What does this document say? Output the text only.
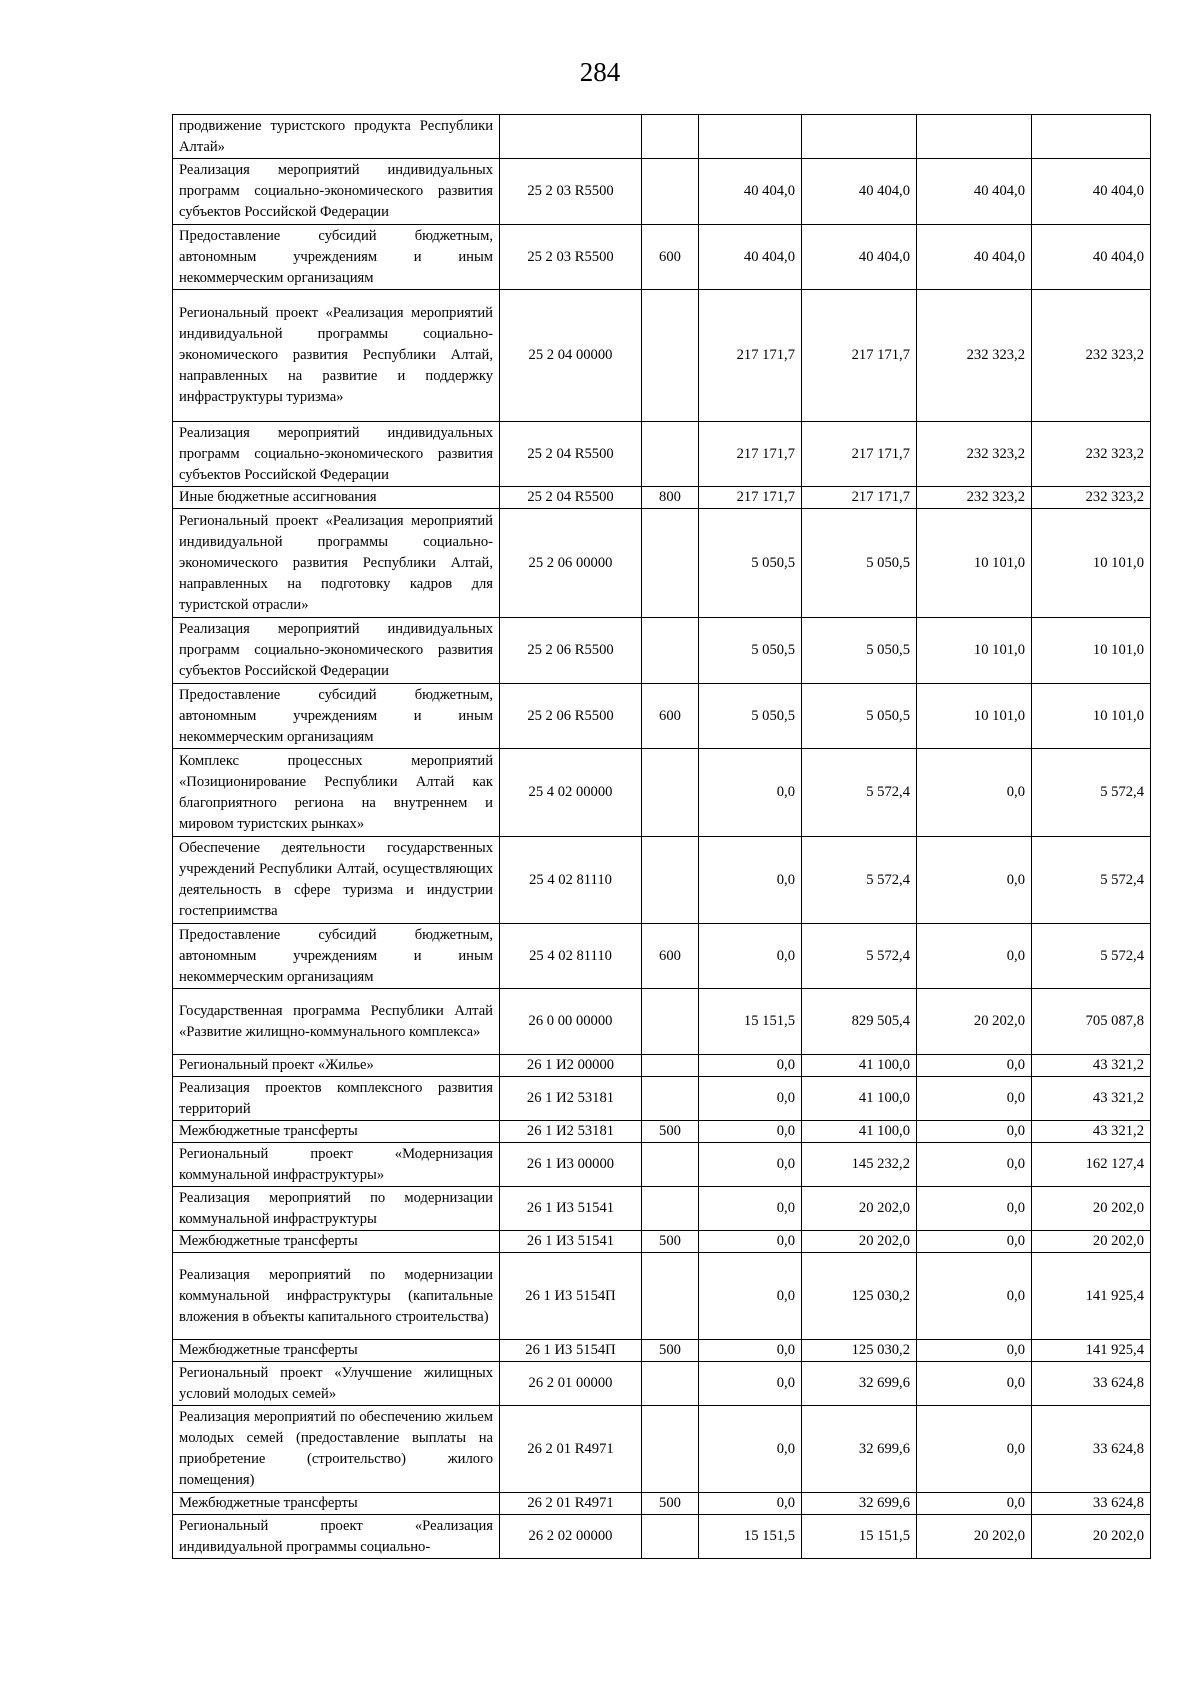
284
продвижение туристского продукта Республики Алтай»						
Реализация мероприятий индивидуальных программ социально-экономического развития субъектов Российской Федерации	25 2 03 R5500		40 404,0	40 404,0	40 404,0	40 404,0
Предоставление субсидий бюджетным, автономным учреждениям и иным некоммерческим организациям	25 2 03 R5500	600	40 404,0	40 404,0	40 404,0	40 404,0
Региональный проект «Реализация мероприятий индивидуальной программы социально-экономического развития Республики Алтай, направленных на развитие и поддержку инфраструктуры туризма»	25 2 04 00000		217 171,7	217 171,7	232 323,2	232 323,2
Реализация мероприятий индивидуальных программ социально-экономического развития субъектов Российской Федерации	25 2 04 R5500		217 171,7	217 171,7	232 323,2	232 323,2
Иные бюджетные ассигнования	25 2 04 R5500	800	217 171,7	217 171,7	232 323,2	232 323,2
Региональный проект «Реализация мероприятий индивидуальной программы социально-экономического развития Республики Алтай, направленных на подготовку кадров для туристской отрасли»	25 2 06 00000		5 050,5	5 050,5	10 101,0	10 101,0
Реализация мероприятий индивидуальных программ социально-экономического развития субъектов Российской Федерации	25 2 06 R5500		5 050,5	5 050,5	10 101,0	10 101,0
Предоставление субсидий бюджетным, автономным учреждениям и иным некоммерческим организациям	25 2 06 R5500	600	5 050,5	5 050,5	10 101,0	10 101,0
Комплекс процессных мероприятий «Позиционирование Республики Алтай как благоприятного региона на внутреннем и мировом туристских рынках»	25 4 02 00000		0,0	5 572,4	0,0	5 572,4
Обеспечение деятельности государственных учреждений Республики Алтай, осуществляющих деятельность в сфере туризма и индустрии гостеприимства	25 4 02 81110		0,0	5 572,4	0,0	5 572,4
Предоставление субсидий бюджетным, автономным учреждениям и иным некоммерческим организациям	25 4 02 81110	600	0,0	5 572,4	0,0	5 572,4
Государственная программа Республики Алтай «Развитие жилищно-коммунального комплекса»	26 0 00 00000		15 151,5	829 505,4	20 202,0	705 087,8
Региональный проект «Жилье»	26 1 И2 00000		0,0	41 100,0	0,0	43 321,2
Реализация проектов комплексного развития территорий	26 1 И2 53181		0,0	41 100,0	0,0	43 321,2
Межбюджетные трансферты	26 1 И2 53181	500	0,0	41 100,0	0,0	43 321,2
Региональный проект «Модернизация коммунальной инфраструктуры»	26 1 И3 00000		0,0	145 232,2	0,0	162 127,4
Реализация мероприятий по модернизации коммунальной инфраструктуры	26 1 И3 51541		0,0	20 202,0	0,0	20 202,0
Межбюджетные трансферты	26 1 И3 51541	500	0,0	20 202,0	0,0	20 202,0
Реализация мероприятий по модернизации коммунальной инфраструктуры (капитальные вложения в объекты капитального строительства)	26 1 И3 5154П		0,0	125 030,2	0,0	141 925,4
Межбюджетные трансферты	26 1 И3 5154П	500	0,0	125 030,2	0,0	141 925,4
Региональный проект «Улучшение жилищных условий молодых семей»	26 2 01 00000		0,0	32 699,6	0,0	33 624,8
Реализация мероприятий по обеспечению жильем молодых семей (предоставление выплаты на приобретение (строительство) жилого помещения)	26 2 01 R4971		0,0	32 699,6	0,0	33 624,8
Межбюджетные трансферты	26 2 01 R4971	500	0,0	32 699,6	0,0	33 624,8
Региональный проект «Реализация индивидуальной программы социально-	26 2 02 00000		15 151,5	15 151,5	20 202,0	20 202,0
